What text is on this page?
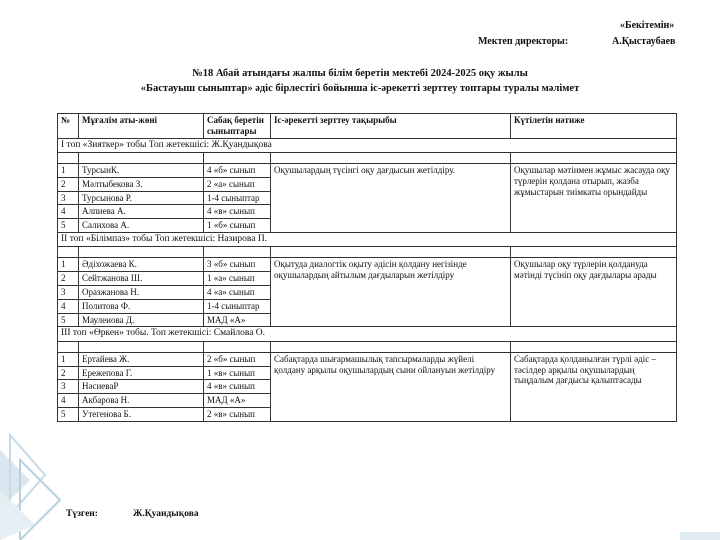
«Бекітемін»
Мектеп директоры:	А.Қыстаубаев
№18 Абай атындағы жалпы білім беретін мектебі 2024-2025 оқу жылы
«Бастауыш сыныптар» әдіс бірлестігі бойынша іс-әрекетті зерттеу топтары туралы мәлімет
№	Мұғалім аты-жөні	Сабақ беретін сыныптары	Іс-әрекетті зерттеу тақырыбы	Күтілетін нәтиже
І топ «Зияткер» тобы Топ жетекшісі: Ж.Қуандықова				

1	ТурсынК.	4 «б» сынып	Оқушылардың түсінгі оқу дағдысын жетілдіру.	Оқушылар мәтінмен жұмыс жасауда оқу түрлерін қолдана отырып, жазба жұмыстарын тиімкаты орындайды
2	Мәлтыбекова З.	2 «а» сынып		
3	Турсынова Р.	1-4 сыныптар		
4	Алпиева А.	4 «в» сынып		
5	Салихова А.	1 «б» сынып		
ІІ топ «Білімпаз» тобы Топ жетекшісі: Назирова П.				

1	Әдіхожаева К.	3 «б» сынып	Оқытуда диалогтік оқыту әдісін қолдану негізінде оқушылардың айтылым дағдыларын жетілдіру	Оқушылар оқу түрлерін қолдануда мәтінді түсініп оқу дағдылары арады
2	Сейтжанова Ш.	1 «а» сынып		
3	Оразжанова Н.	4 «а» сынып		
4	Политова Ф.	1-4 сыныптар		
5	Маулеиова Д.	МАД «А»		
ІІІ топ «Өркен» тобы. Топ жетекшісі: Смайлова О.				

1	Ертайева Ж.	2 «б» сынып	Сабақтарда шығармашылық тапсырмаларды жүйелі қолдану арқылы оқушылардың сыни ойлануын жетілдіру	Сабақтарда қолданылған түрлі әдіс – тәсілдер арқылы оқушылардың тыңдалым дағдысы қалыптасады
2	Ережепова Г.	1 «в» сынып		
3	НәсиеваР	4 «в» сынып		
4	Акбарова Н.	МАД «А»		
5	Утегенова Б.	2 «в» сынып		
Түзген:	Ж.Қуандықова
